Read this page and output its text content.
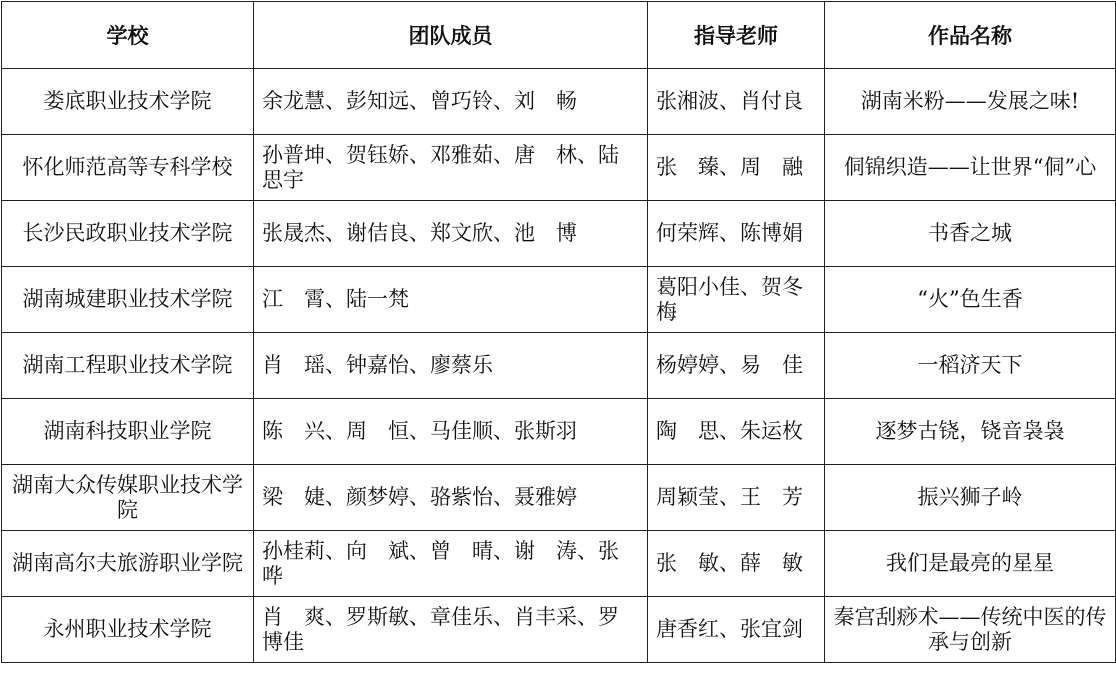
学校	团队成员	指导老师	作品名称
娄底职业技术学院	余龙慧、彭知远、曾巧铃、刘　畅	张湘波、肖付良	湖南米粉——发展之味!
怀化师范高等专科学校	孙普坤、贺钰娇、邓雅茹、唐　林、陆思宇	张　臻、周　融	侗锦织造——让世界“侗”心
长沙民政职业技术学院	张晟杰、谢佶良、郑文欣、池　博	何荣辉、陈博娟	书香之城
湖南城建职业技术学院	江　霄、陆一梵	葛阳小佳、贺冬梅	“火”色生香
湖南工程职业技术学院	肖　瑶、钟嘉怡、廖蔡乐	杨婷婷、易　佳	一稻济天下
湖南科技职业学院	陈　兴、周　恒、马佳顺、张斯羽	陶　思、朱运枚	逐梦古铙，铙音袅袅
湖南大众传媒职业技术学院	梁　婕、颜梦婷、骆紫怡、聂雅婷	周颖莹、王　芳	振兴狮子岭
湖南高尔夫旅游职业学院	孙桂莉、向　斌、曾　晴、谢　涛、张　哗	张　敏、薛　敏	我们是最亮的星星
永州职业技术学院	肖　爽、罗斯敏、章佳乐、肖丰采、罗博佳	唐香红、张宜剑	秦宫刮痧术——传统中医的传承与创新
